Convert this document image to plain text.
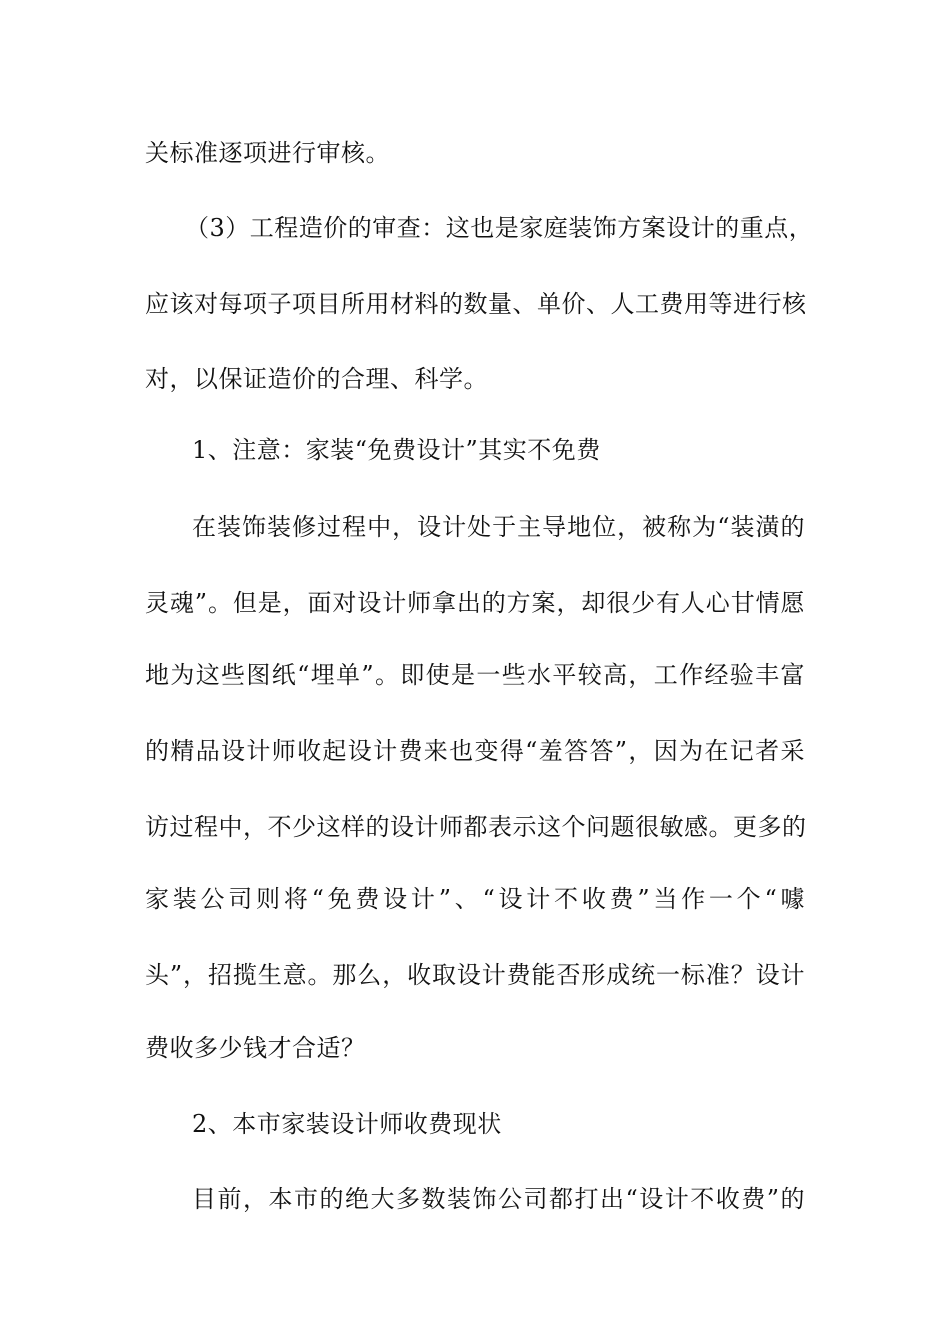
关标准逐项进行审核。
（3）工程造价的审查：这也是家庭装饰方案设计的重点，
应该对每项子项目所用材料的数量、单价、人工费用等进行核
对，以保证造价的合理、科学。
1、注意：家装“免费设计”其实不免费
在装饰装修过程中，设计处于主导地位，被称为“装潢的
灵魂”。但是，面对设计师拿出的方案，却很少有人心甘情愿
地为这些图纸“埋单”。即使是一些水平较高，工作经验丰富
的精品设计师收起设计费来也变得“羞答答”，因为在记者采
访过程中，不少这样的设计师都表示这个问题很敏感。更多的
家装公司则将“免费设计”、“设计不收费”当作一个“噱
头”，招揽生意。那么，收取设计费能否形成统一标准？设计
费收多少钱才合适？
2、本市家装设计师收费现状
目前，本市的绝大多数装饰公司都打出“设计不收费”的
